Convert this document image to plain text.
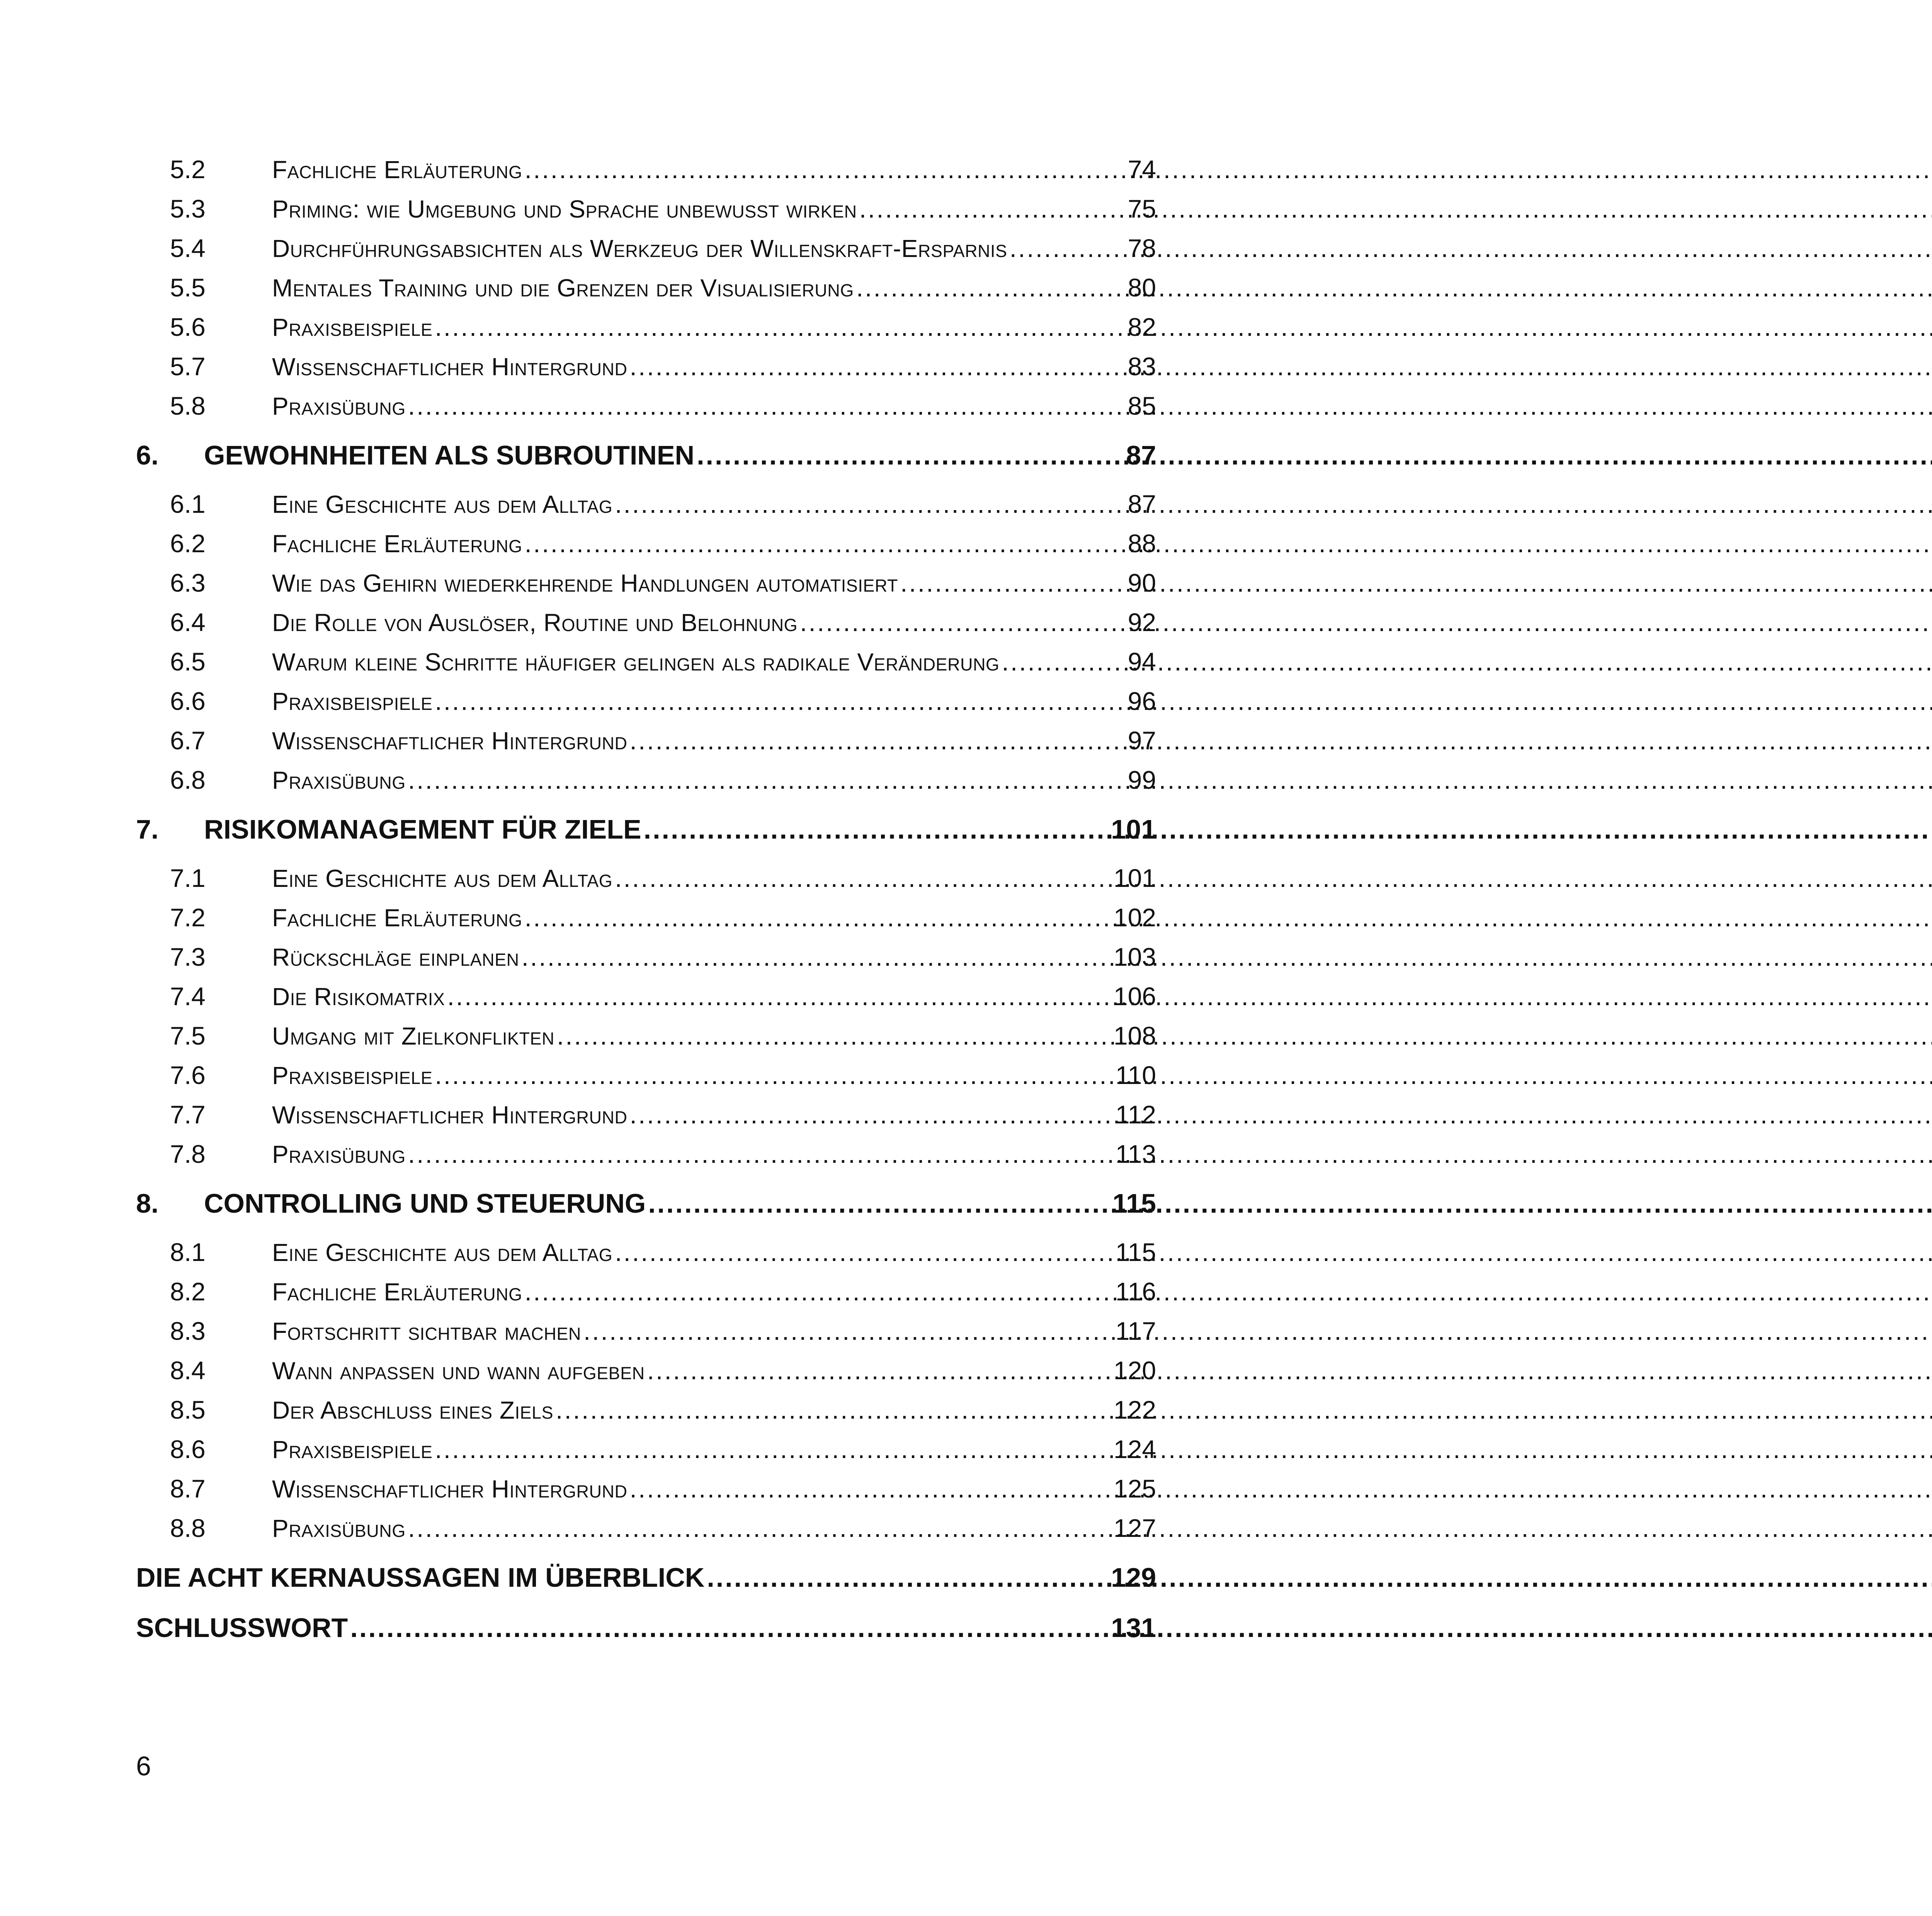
5.2	Fachliche Erläuterung .....	74
5.3	Priming: wie Umgebung und Sprache unbewusst wirken .....	75
5.4	Durchführungsabsichten als Werkzeug der Willenskraft-Ersparnis .....	78
5.5	Mentales Training und die Grenzen der Visualisierung .....	80
5.6	Praxisbeispiele .....	82
5.7	Wissenschaftlicher Hintergrund .....	83
5.8	Praxisübung .....	85
6.	GEWOHNHEITEN ALS SUBROUTINEN .....	87
6.1	Eine Geschichte aus dem Alltag .....	87
6.2	Fachliche Erläuterung .....	88
6.3	Wie das Gehirn wiederkehrende Handlungen automatisiert .....	90
6.4	Die Rolle von Auslöser, Routine und Belohnung .....	92
6.5	Warum kleine Schritte häufiger gelingen als radikale Veränderung .....	94
6.6	Praxisbeispiele .....	96
6.7	Wissenschaftlicher Hintergrund .....	97
6.8	Praxisübung .....	99
7.	RISIKOMANAGEMENT FÜR ZIELE .....	101
7.1	Eine Geschichte aus dem Alltag .....	101
7.2	Fachliche Erläuterung .....	102
7.3	Rückschläge einplanen .....	103
7.4	Die Risikomatrix .....	106
7.5	Umgang mit Zielkonflikten .....	108
7.6	Praxisbeispiele .....	110
7.7	Wissenschaftlicher Hintergrund .....	112
7.8	Praxisübung .....	113
8.	CONTROLLING UND STEUERUNG .....	115
8.1	Eine Geschichte aus dem Alltag .....	115
8.2	Fachliche Erläuterung .....	116
8.3	Fortschritt sichtbar machen .....	117
8.4	Wann anpassen und wann aufgeben .....	120
8.5	Der Abschluss eines Ziels .....	122
8.6	Praxisbeispiele .....	124
8.7	Wissenschaftlicher Hintergrund .....	125
8.8	Praxisübung .....	127
DIE ACHT KERNAUSSAGEN IM ÜBERBLICK .....	129
SCHLUSSWORT .....	131
6
